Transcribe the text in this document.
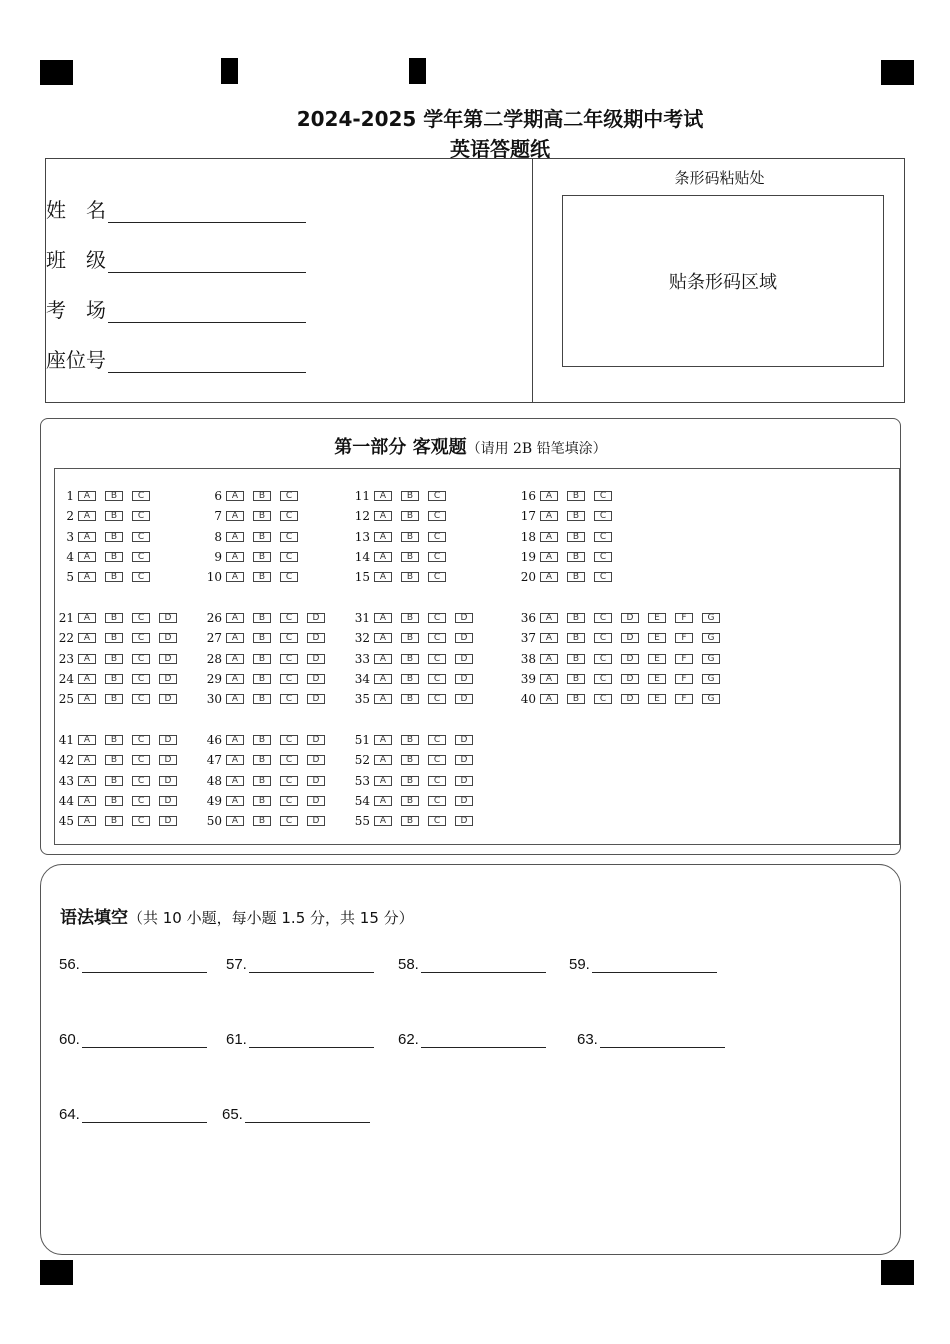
2024-2025 学年第二学期高二年级期中考试
英语答题纸
姓　名
班　级
考　场
座位号
条形码粘贴处
贴条形码区域
第一部分 客观题（请用 2B 铅笔填涂）
1	A	B	C
2	A	B	C
3	A	B	C
4	A	B	C
5	A	B	C
6	A	B	C
7	A	B	C
8	A	B	C
9	A	B	C
10	A	B	C
11	A	B	C
12	A	B	C
13	A	B	C
14	A	B	C
15	A	B	C
16	A	B	C
17	A	B	C
18	A	B	C
19	A	B	C
20	A	B	C
21	A	B	C	D
22	A	B	C	D
23	A	B	C	D
24	A	B	C	D
25	A	B	C	D
26	A	B	C	D
27	A	B	C	D
28	A	B	C	D
29	A	B	C	D
30	A	B	C	D
31	A	B	C	D
32	A	B	C	D
33	A	B	C	D
34	A	B	C	D
35	A	B	C	D
36	A	B	C	D	E	F	G
37	A	B	C	D	E	F	G
38	A	B	C	D	E	F	G
39	A	B	C	D	E	F	G
40	A	B	C	D	E	F	G
41	A	B	C	D
42	A	B	C	D
43	A	B	C	D
44	A	B	C	D
45	A	B	C	D
46	A	B	C	D
47	A	B	C	D
48	A	B	C	D
49	A	B	C	D
50	A	B	C	D
51	A	B	C	D
52	A	B	C	D
53	A	B	C	D
54	A	B	C	D
55	A	B	C	D
语法填空（共 10 小题，每小题 1.5 分，共 15 分）
56.	57.	58.	59.
60.	61.	62.	63.
64.	65.
